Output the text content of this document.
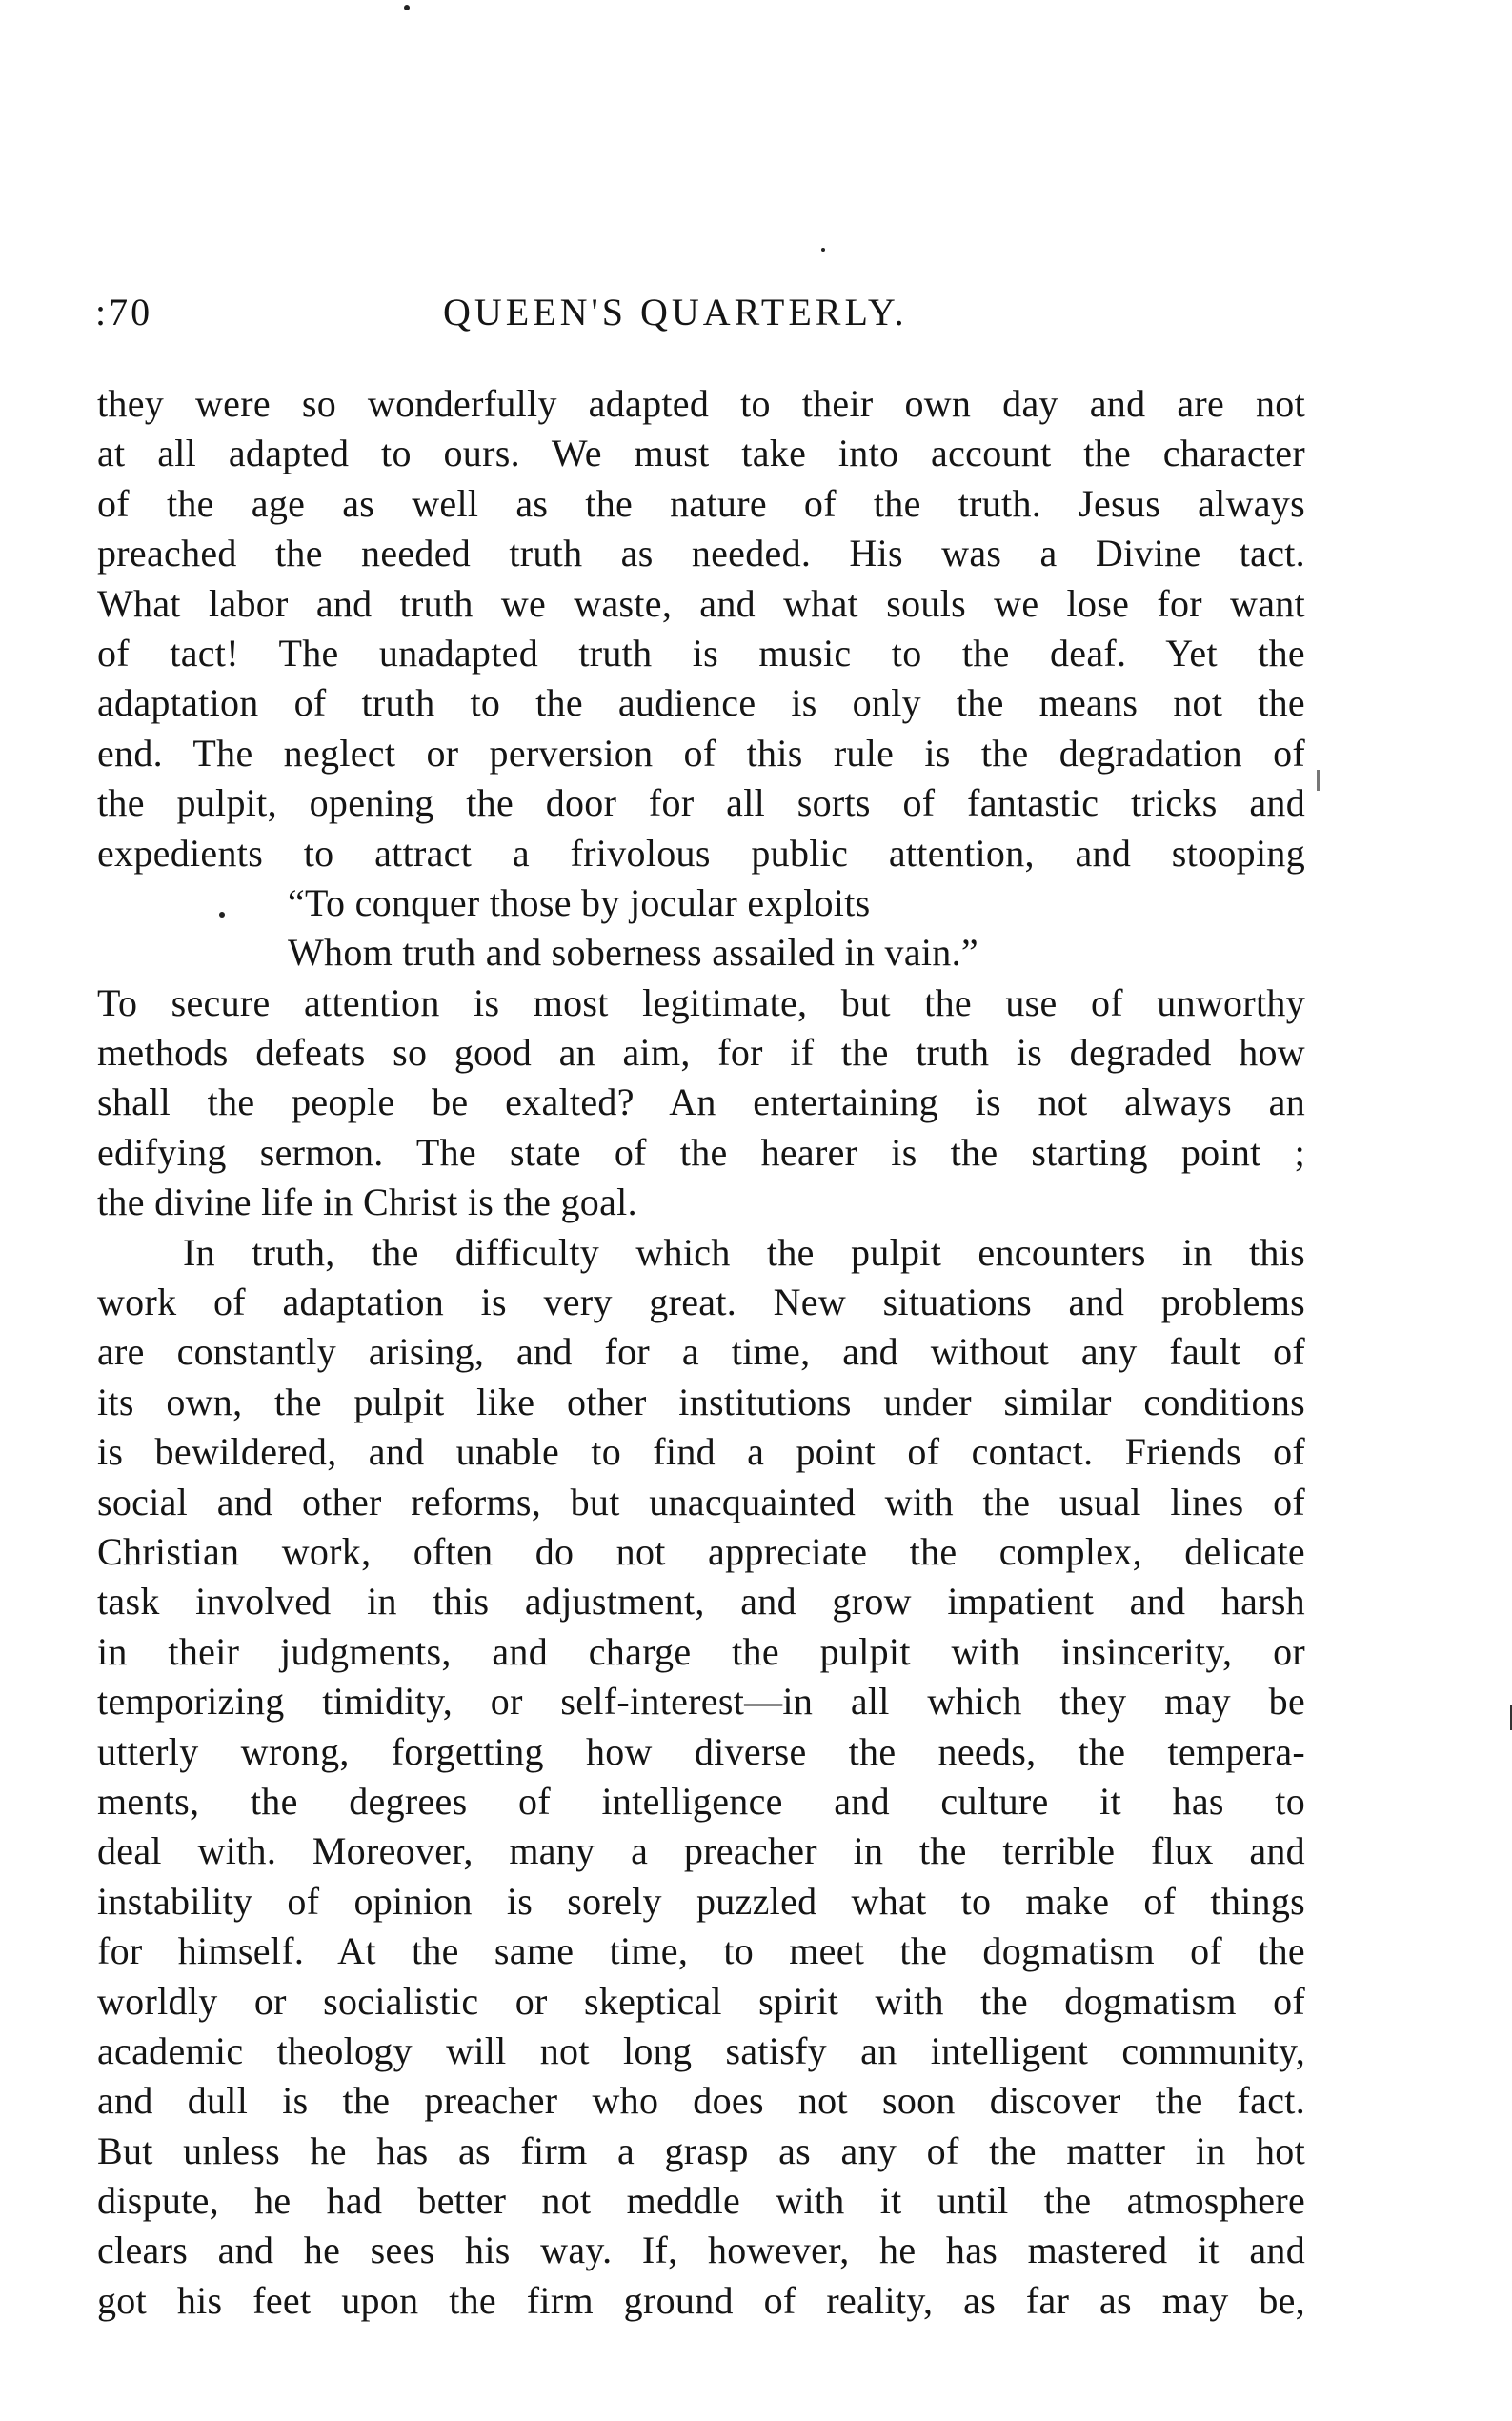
:70	QUEEN'S QUARTERLY.
they were so wonderfully adapted to their own day and are not
at all adapted to ours. We must take into account the character
of the age as well as the nature of the truth. Jesus always
preached the needed truth as needed. His was a Divine tact.
What labor and truth we waste, and what souls we lose for want
of tact! The unadapted truth is music to the deaf. Yet the
adaptation of truth to the audience is only the means not the
end. The neglect or perversion of this rule is the degradation of
the pulpit, opening the door for all sorts of fantastic tricks and
expedients to attract a frivolous public attention, and stooping
“To conquer those by jocular exploits
Whom truth and soberness assailed in vain.”
To secure attention is most legitimate, but the use of unworthy
methods defeats so good an aim, for if the truth is degraded how
shall the people be exalted? An entertaining is not always an
edifying sermon. The state of the hearer is the starting point ;
the divine life in Christ is the goal.
In truth, the difficulty which the pulpit encounters in this
work of adaptation is very great. New situations and problems
are constantly arising, and for a time, and without any fault of
its own, the pulpit like other institutions under similar conditions
is bewildered, and unable to find a point of contact. Friends of
social and other reforms, but unacquainted with the usual lines of
Christian work, often do not appreciate the complex, delicate
task involved in this adjustment, and grow impatient and harsh
in their judgments, and charge the pulpit with insincerity, or
temporizing timidity, or self-interest—in all which they may be
utterly wrong, forgetting how diverse the needs, the tempera-
ments, the degrees of intelligence and culture it has to
deal with. Moreover, many a preacher in the terrible flux and
instability of opinion is sorely puzzled what to make of things
for himself. At the same time, to meet the dogmatism of the
worldly or socialistic or skeptical spirit with the dogmatism of
academic theology will not long satisfy an intelligent community,
and dull is the preacher who does not soon discover the fact.
But unless he has as firm a grasp as any of the matter in hot
dispute, he had better not meddle with it until the atmosphere
clears and he sees his way. If, however, he has mastered it and
got his feet upon the firm ground of reality, as far as may be,
